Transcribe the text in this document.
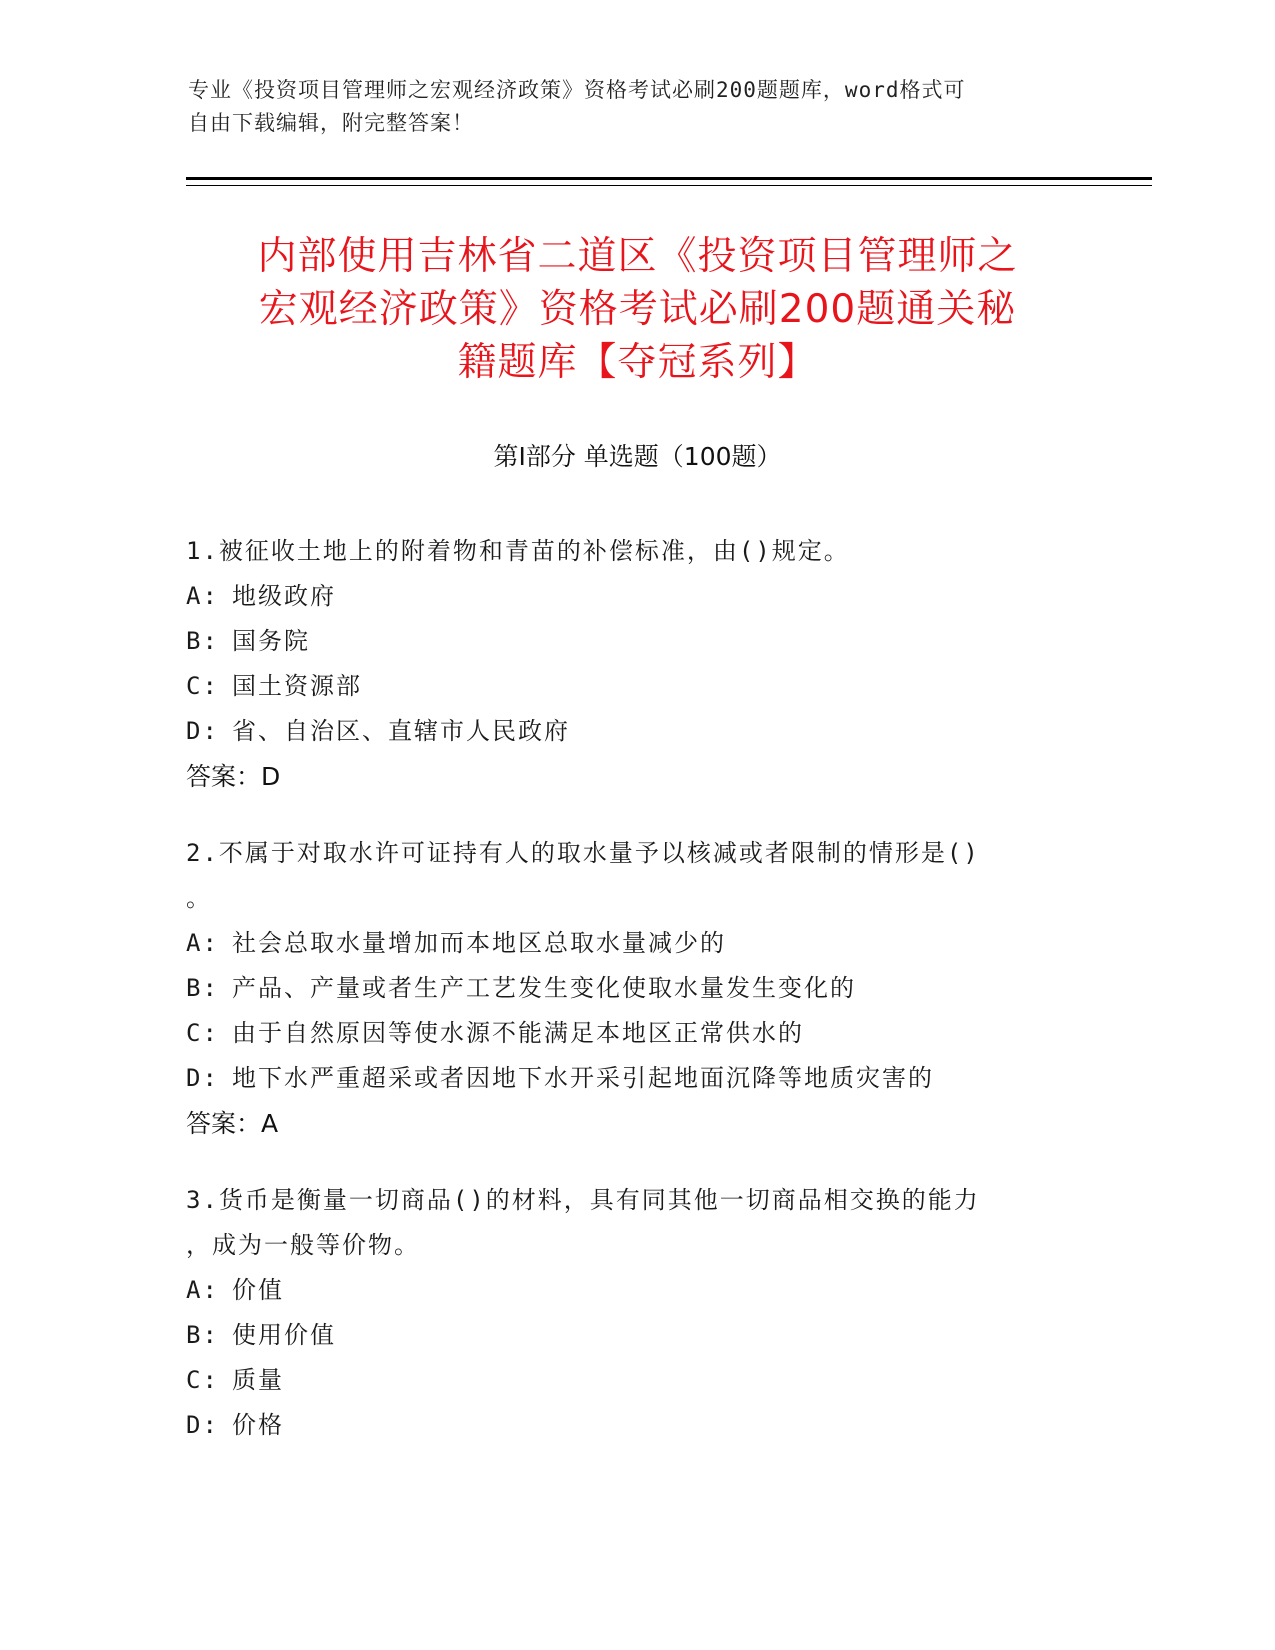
专业《投资项目管理师之宏观经济政策》资格考试必刷200题题库，word格式可
自由下载编辑，附完整答案！
内部使用吉林省二道区《投资项目管理师之
宏观经济政策》资格考试必刷200题通关秘
籍题库【夺冠系列】
第Ⅰ部分 单选题（100题）
1.被征收土地上的附着物和青苗的补偿标准，由()规定。
A: 地级政府
B: 国务院
C: 国土资源部
D: 省、自治区、直辖市人民政府
答案：D
2.不属于对取水许可证持有人的取水量予以核减或者限制的情形是()
。
A: 社会总取水量增加而本地区总取水量减少的
B: 产品、产量或者生产工艺发生变化使取水量发生变化的
C: 由于自然原因等使水源不能满足本地区正常供水的
D: 地下水严重超采或者因地下水开采引起地面沉降等地质灾害的
答案：A
3.货币是衡量一切商品()的材料，具有同其他一切商品相交换的能力
，成为一般等价物。
A: 价值
B: 使用价值
C: 质量
D: 价格
